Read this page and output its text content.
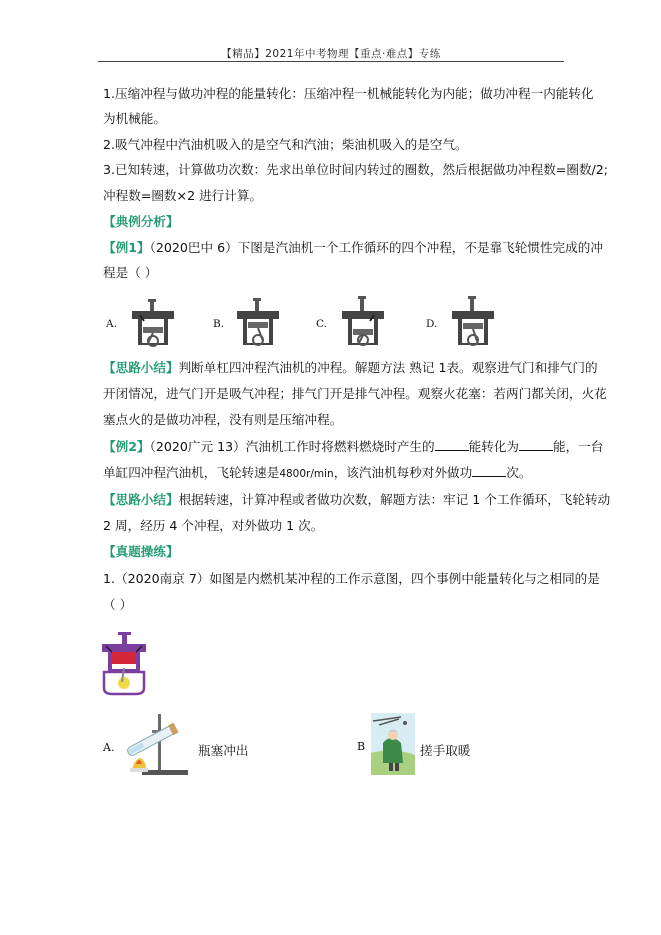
【精品】2021年中考物理【重点·难点】专练
1.压缩冲程与做功冲程的能量转化：压缩冲程一机械能转化为内能；做功冲程一内能转化
为机械能。
2.吸气冲程中汽油机吸入的是空气和汽油；柴油机吸入的是空气。
3.已知转速，计算做功次数：先求出单位时间内转过的圈数，然后根据做功冲程数=圈数/2;
冲程数=圈数×2 进行计算。
【典例分析】
【例1】（2020巴中 6）下图是汽油机一个工作循环的四个冲程，不是靠飞轮惯性完成的冲
程是（ ）
A.	B.	C.	D.
【思路小结】判断单杠四冲程汽油机的冲程。解题方法 熟记 1表。观察进气门和排气门的
开闭情况，进气门开是吸气冲程；排气门开是排气冲程。观察火花塞：若两门都关闭，火花
塞点火的是做功冲程，没有则是压缩冲程。
【例2】（2020广元 13）汽油机工作时将燃料燃烧时产生的	能转化为	能，一台
单缸四冲程汽油机，飞轮转速是4800r/min，该汽油机每秒对外做功	次。
【思路小结】根据转速，计算冲程或者做功次数，解题方法：牢记 1 个工作循环，飞轮转动
2 周，经历 4 个冲程，对外做功 1 次。
【真题操练】
1.（2020南京 7）如图是内燃机某冲程的工作示意图，四个事例中能量转化与之相同的是
（ ）
A.	瓶塞冲出	B	搓手取暖
